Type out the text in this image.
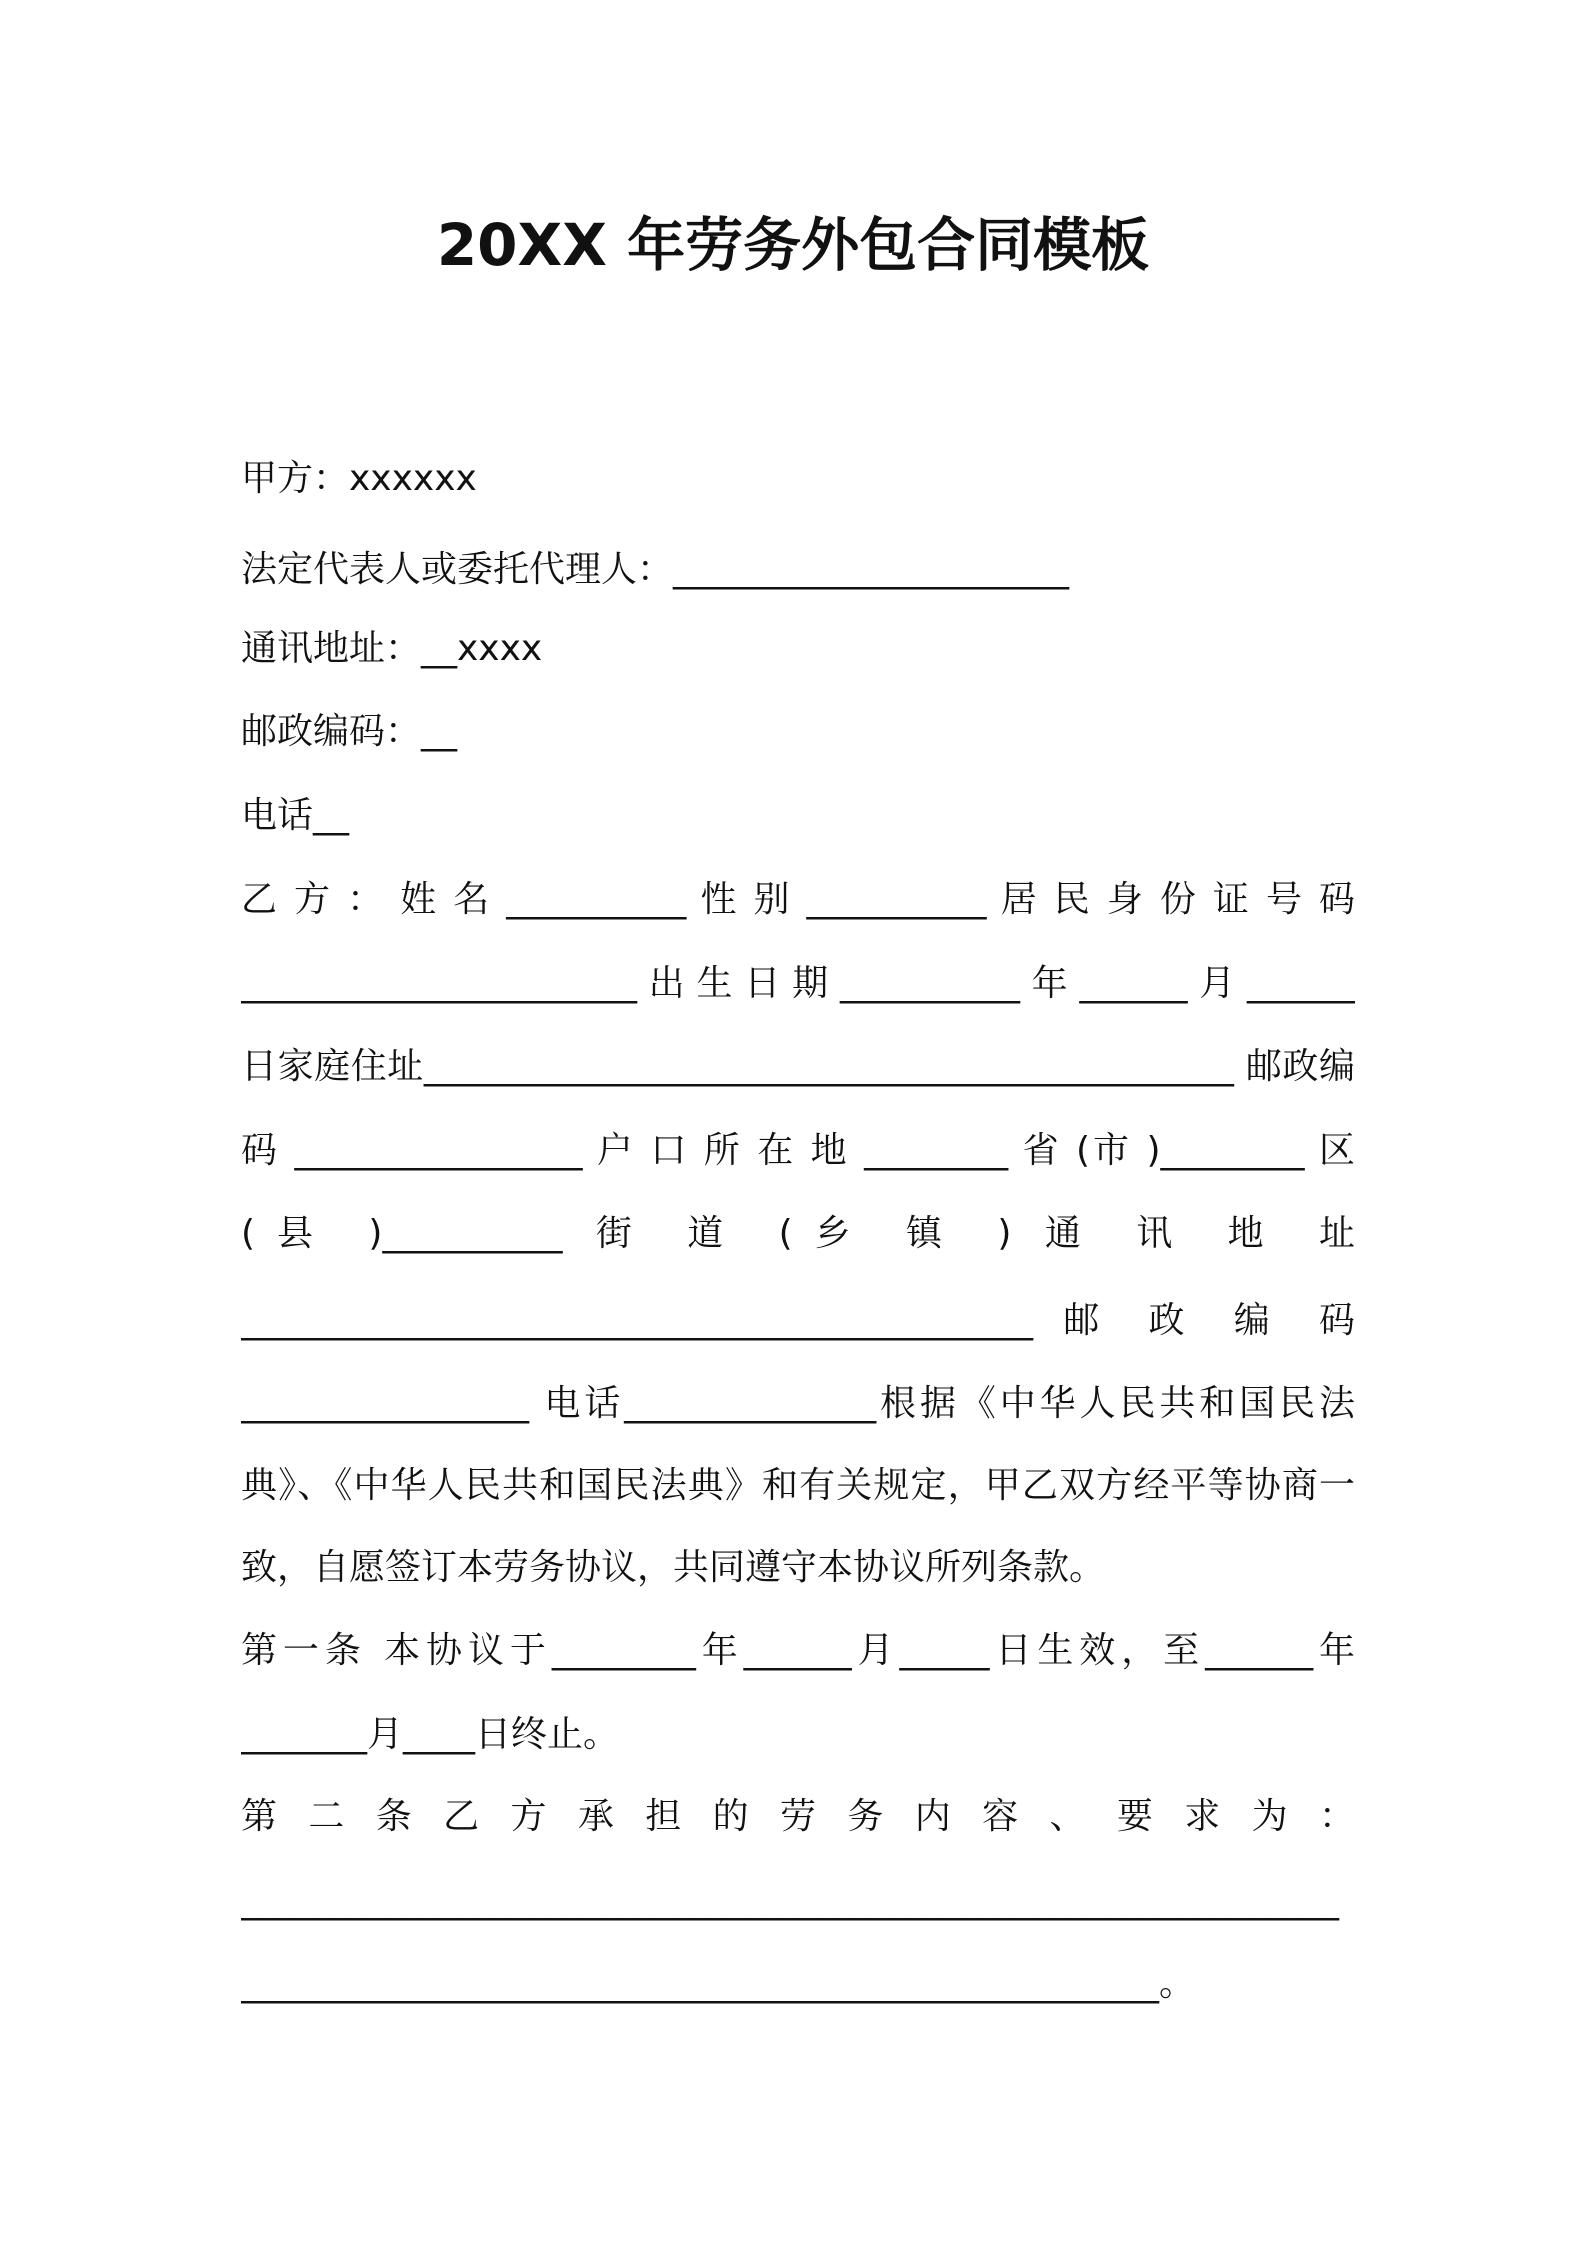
20XX 年劳务外包合同模板
甲方：xxxxxx
法定代表人或委托代理人：______________________
通讯地址：__xxxx
邮政编码：__
电话__
乙 方 ： 姓 名 __________ 性 别 __________ 居 民 身 份 证 号 码
______________________ 出 生 日 期 __________ 年 ______ 月 ______
日家庭住址_____________________________________________ 邮政编
码 ________________ 户 口 所 在 地 ________ 省 (市 )________ 区
(县 )__________ 街 道 (乡 镇 ) 通 讯 地 址
____________________________________________ 邮 政 编 码
________________ 电话______________根据《中华人民共和国民法
典》、《中华人民共和国民法典》和有关规定，甲乙双方经平等协商一
致，自愿签订本劳务协议，共同遵守本协议所列条款。
第一条 本协议于________年______月_____日生效，至______年
_______月____日终止。
第 二 条 乙 方 承 担 的 劳 务 内 容 、 要 求 为 ：
_____________________________________________________________
___________________________________________________。
